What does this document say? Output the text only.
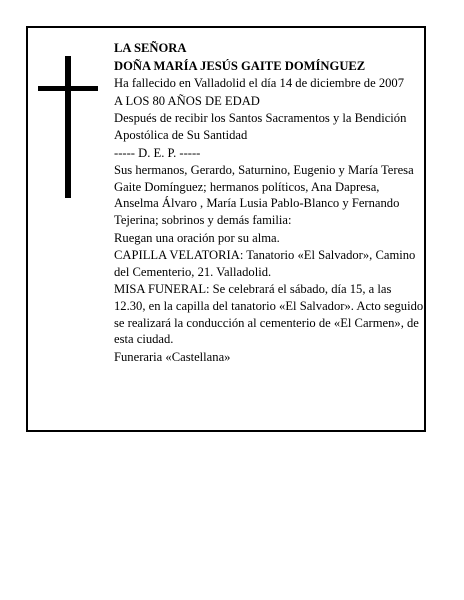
LA SEÑORA
DOÑA MARÍA JESÚS GAITE DOMÍNGUEZ
Ha fallecido en Valladolid el día 14 de diciembre de 2007
A LOS 80 AÑOS DE EDAD
Después de recibir los Santos Sacramentos y la Bendición Apostólica de Su Santidad
----- D. E. P. -----
Sus hermanos, Gerardo, Saturnino, Eugenio y María Teresa Gaite Domínguez; hermanos políticos, Ana Dapresa, Anselma Álvaro , María Lusia Pablo-Blanco y Fernando Tejerina; sobrinos y demás familia:
Ruegan una oración por su alma.
CAPILLA VELATORIA: Tanatorio «El Salvador», Camino del Cementerio, 21. Valladolid.
MISA FUNERAL: Se celebrará el sábado, día 15, a las 12.30, en la capilla del tanatorio «El Salvador». Acto seguido se realizará la conducción al cementerio de «El Carmen», de esta ciudad.
Funeraria «Castellana»
